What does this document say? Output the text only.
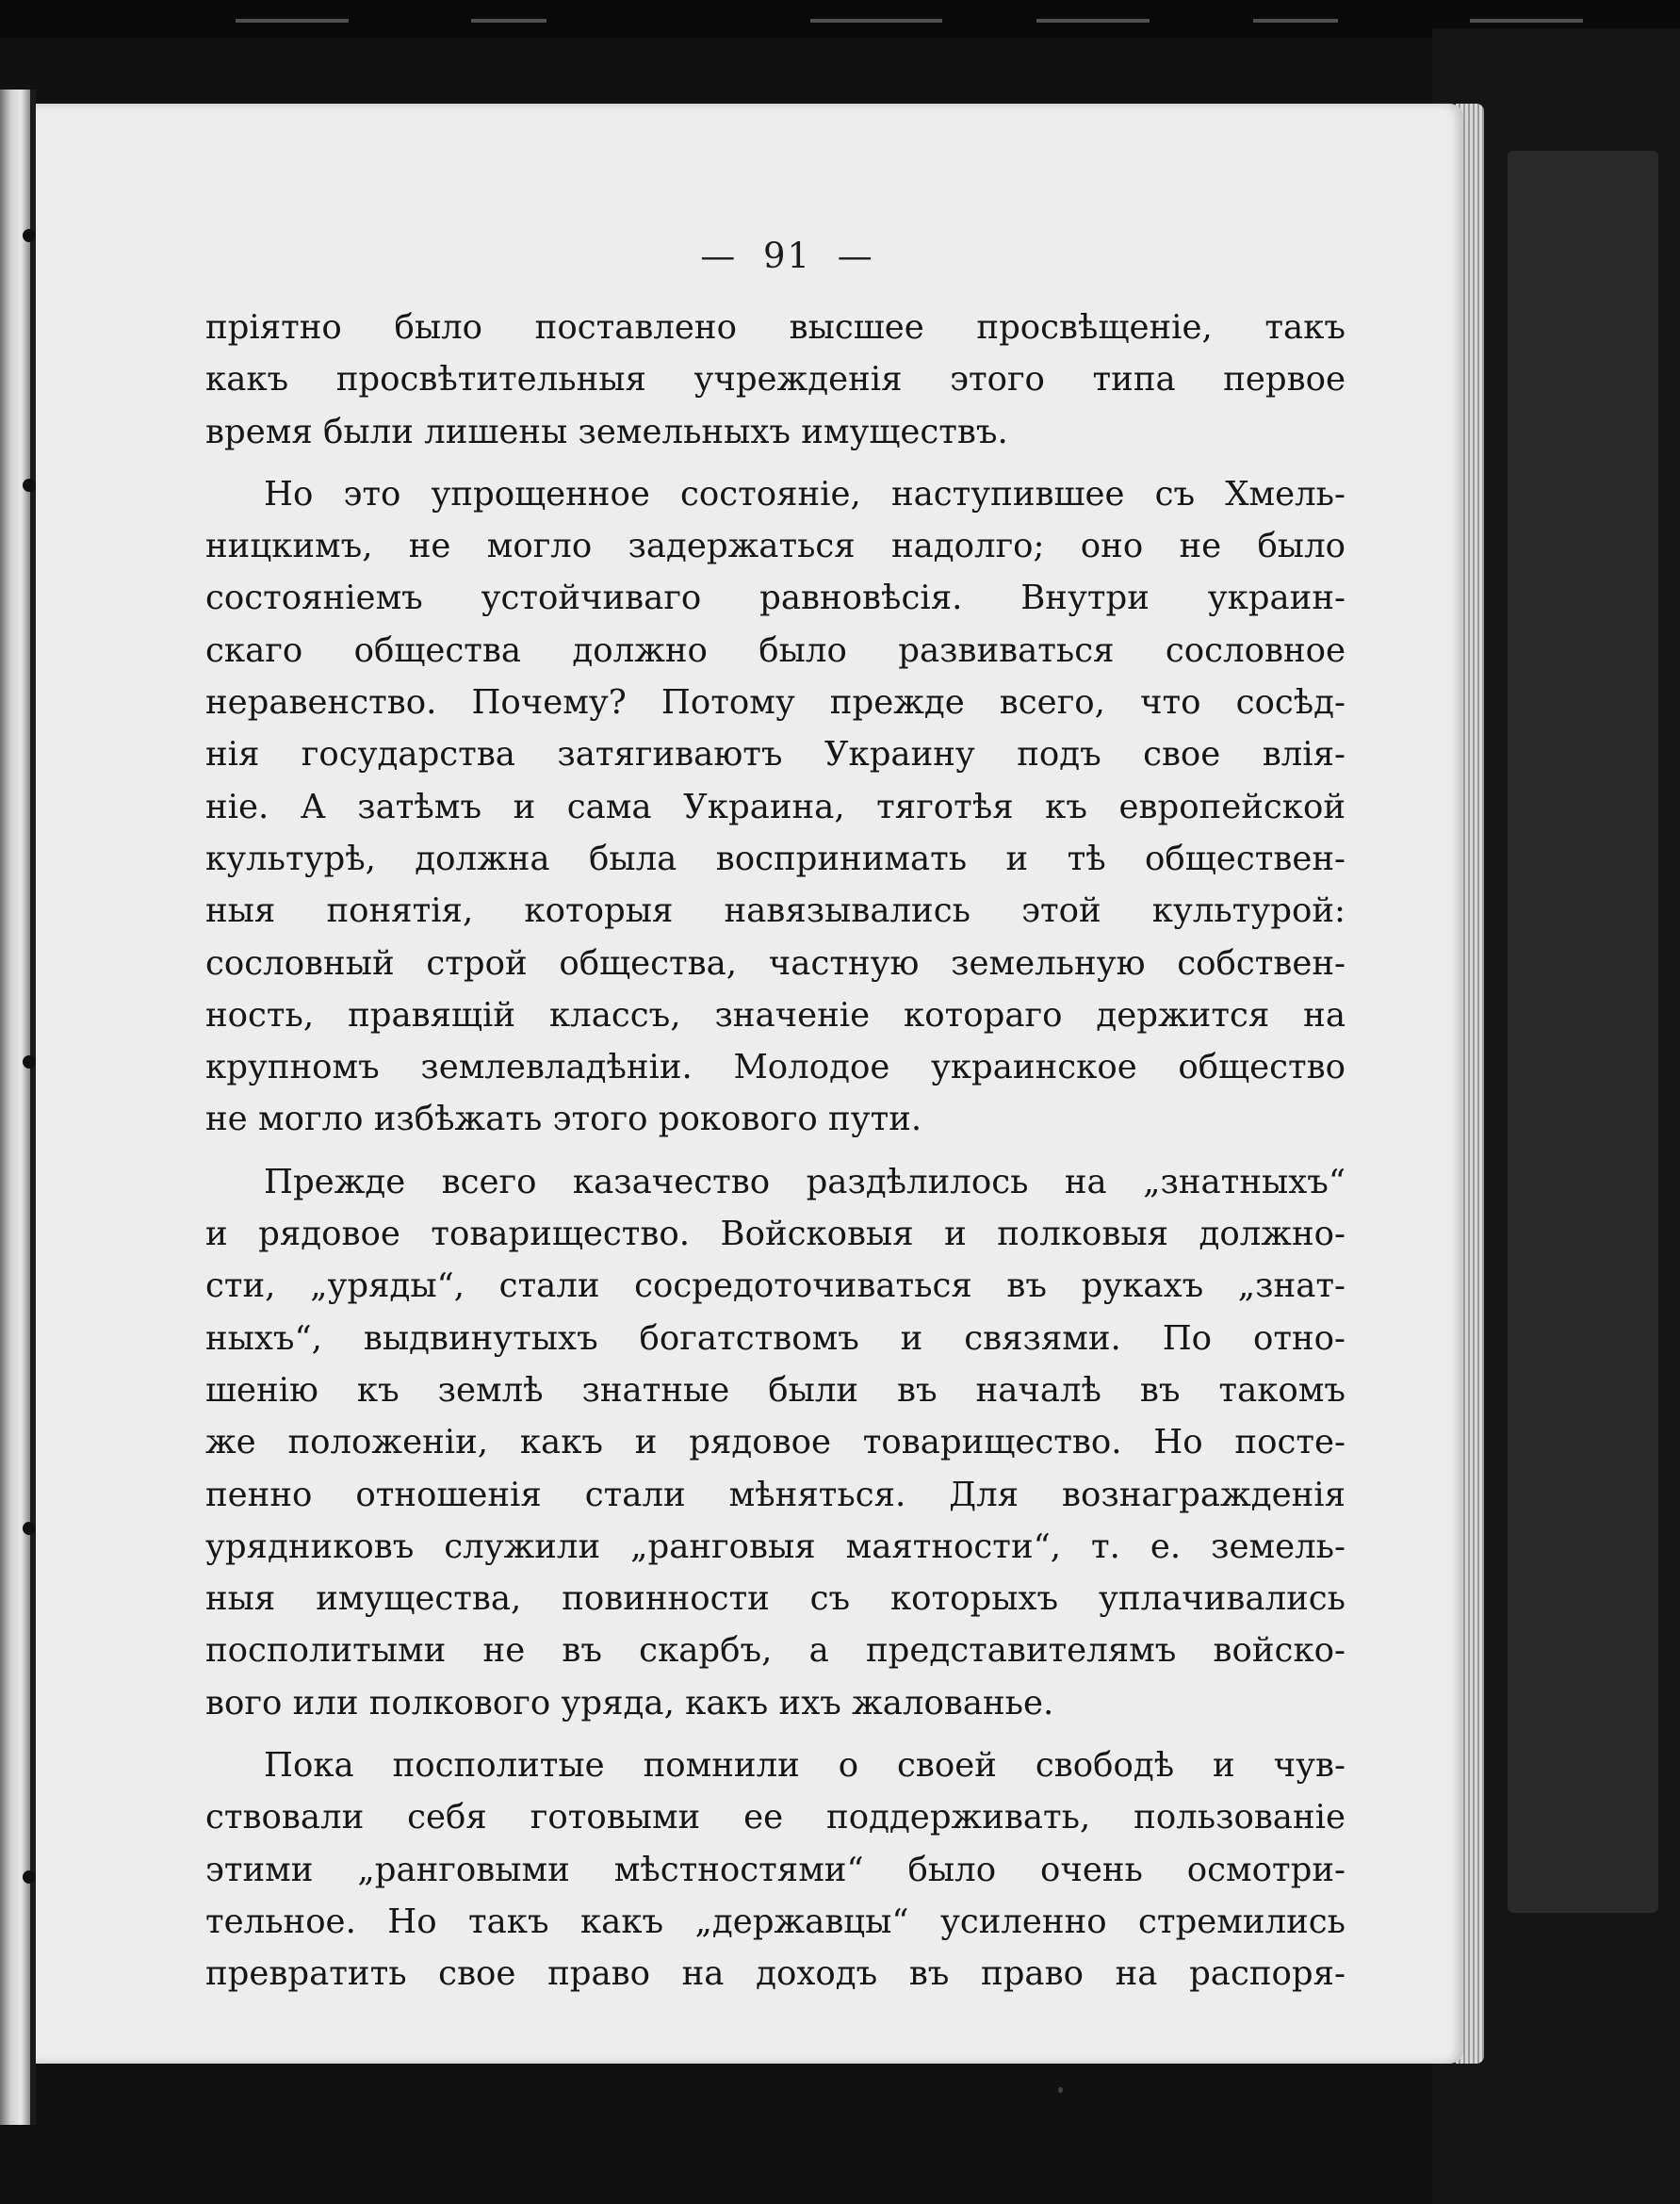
— 91 —
пріятно было поставлено высшее просвѣщеніе, такъ
какъ просвѣтительныя учрежденія этого типа первое
время были лишены земельныхъ имуществъ.
Но это упрощенное состояніе, наступившее съ Хмель-
ницкимъ, не могло задержаться надолго; оно не было
состояніемъ устойчиваго равновѣсія. Внутри украин-
скаго общества должно было развиваться сословное
неравенство. Почему? Потому прежде всего, что сосѣд-
нія государства затягиваютъ Украину подъ свое влія-
ніе. А затѣмъ и сама Украина, тяготѣя къ европейской
культурѣ, должна была воспринимать и тѣ обществен-
ныя понятія, которыя навязывались этой культурой:
сословный строй общества, частную земельную собствен-
ность, правящій классъ, значеніе котораго держится на
крупномъ землевладѣніи. Молодое украинское общество
не могло избѣжать этого рокового пути.
Прежде всего казачество раздѣлилось на „знатныхъ“
и рядовое товарищество. Войсковыя и полковыя должно-
сти, „уряды“, стали сосредоточиваться въ рукахъ „знат-
ныхъ“, выдвинутыхъ богатствомъ и связями. По отно-
шенію къ землѣ знатные были въ началѣ въ такомъ
же положеніи, какъ и рядовое товарищество. Но посте-
пенно отношенія стали мѣняться. Для вознагражденія
урядниковъ служили „ранговыя маятности“, т. е. земель-
ныя имущества, повинности съ которыхъ уплачивались
посполитыми не въ скарбъ, а представителямъ войско-
вого или полкового уряда, какъ ихъ жалованье.
Пока посполитые помнили о своей свободѣ и чув-
ствовали себя готовыми ее поддерживать, пользованіе
этими „ранговыми мѣстностями“ было очень осмотри-
тельное. Но такъ какъ „державцы“ усиленно стремились
превратить свое право на доходъ въ право на распоря-
